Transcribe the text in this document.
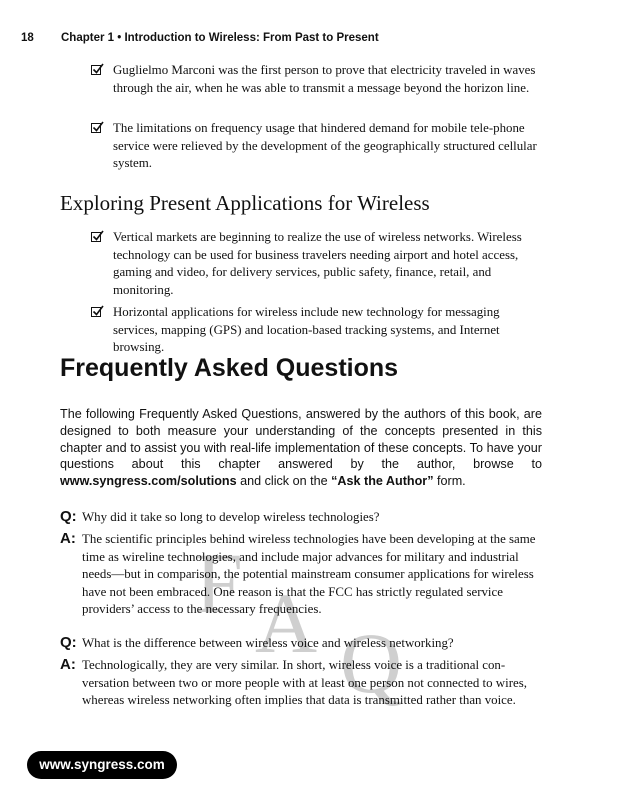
18 Chapter 1 • Introduction to Wireless: From Past to Present
Guglielmo Marconi was the first person to prove that electricity traveled in waves through the air, when he was able to transmit a message beyond the horizon line.
The limitations on frequency usage that hindered demand for mobile tele-phone service were relieved by the development of the geographically structured cellular system.
Exploring Present Applications for Wireless
Vertical markets are beginning to realize the use of wireless networks. Wireless technology can be used for business travelers needing airport and hotel access, gaming and video, for delivery services, public safety, finance, retail, and monitoring.
Horizontal applications for wireless include new technology for messaging services, mapping (GPS) and location-based tracking systems, and Internet browsing.
Frequently Asked Questions
The following Frequently Asked Questions, answered by the authors of this book, are designed to both measure your understanding of the concepts presented in this chapter and to assist you with real-life implementation of these concepts. To have your questions about this chapter answered by the author, browse to www.syngress.com/solutions and click on the “Ask the Author” form.
F A Q
Q: Why did it take so long to develop wireless technologies?
A: The scientific principles behind wireless technologies have been developing at the same time as wireline technologies, and include major advances for military and industrial needs—but in comparison, the potential mainstream consumer applications for wireless have not been embraced. One reason is that the FCC has strictly regulated service providers’ access to the necessary frequencies.
Q: What is the difference between wireless voice and wireless networking?
A: Technologically, they are very similar. In short, wireless voice is a traditional con-versation between two or more people with at least one person not connected to wires, whereas wireless networking often implies that data is transmitted rather than voice.
www.syngress.com
